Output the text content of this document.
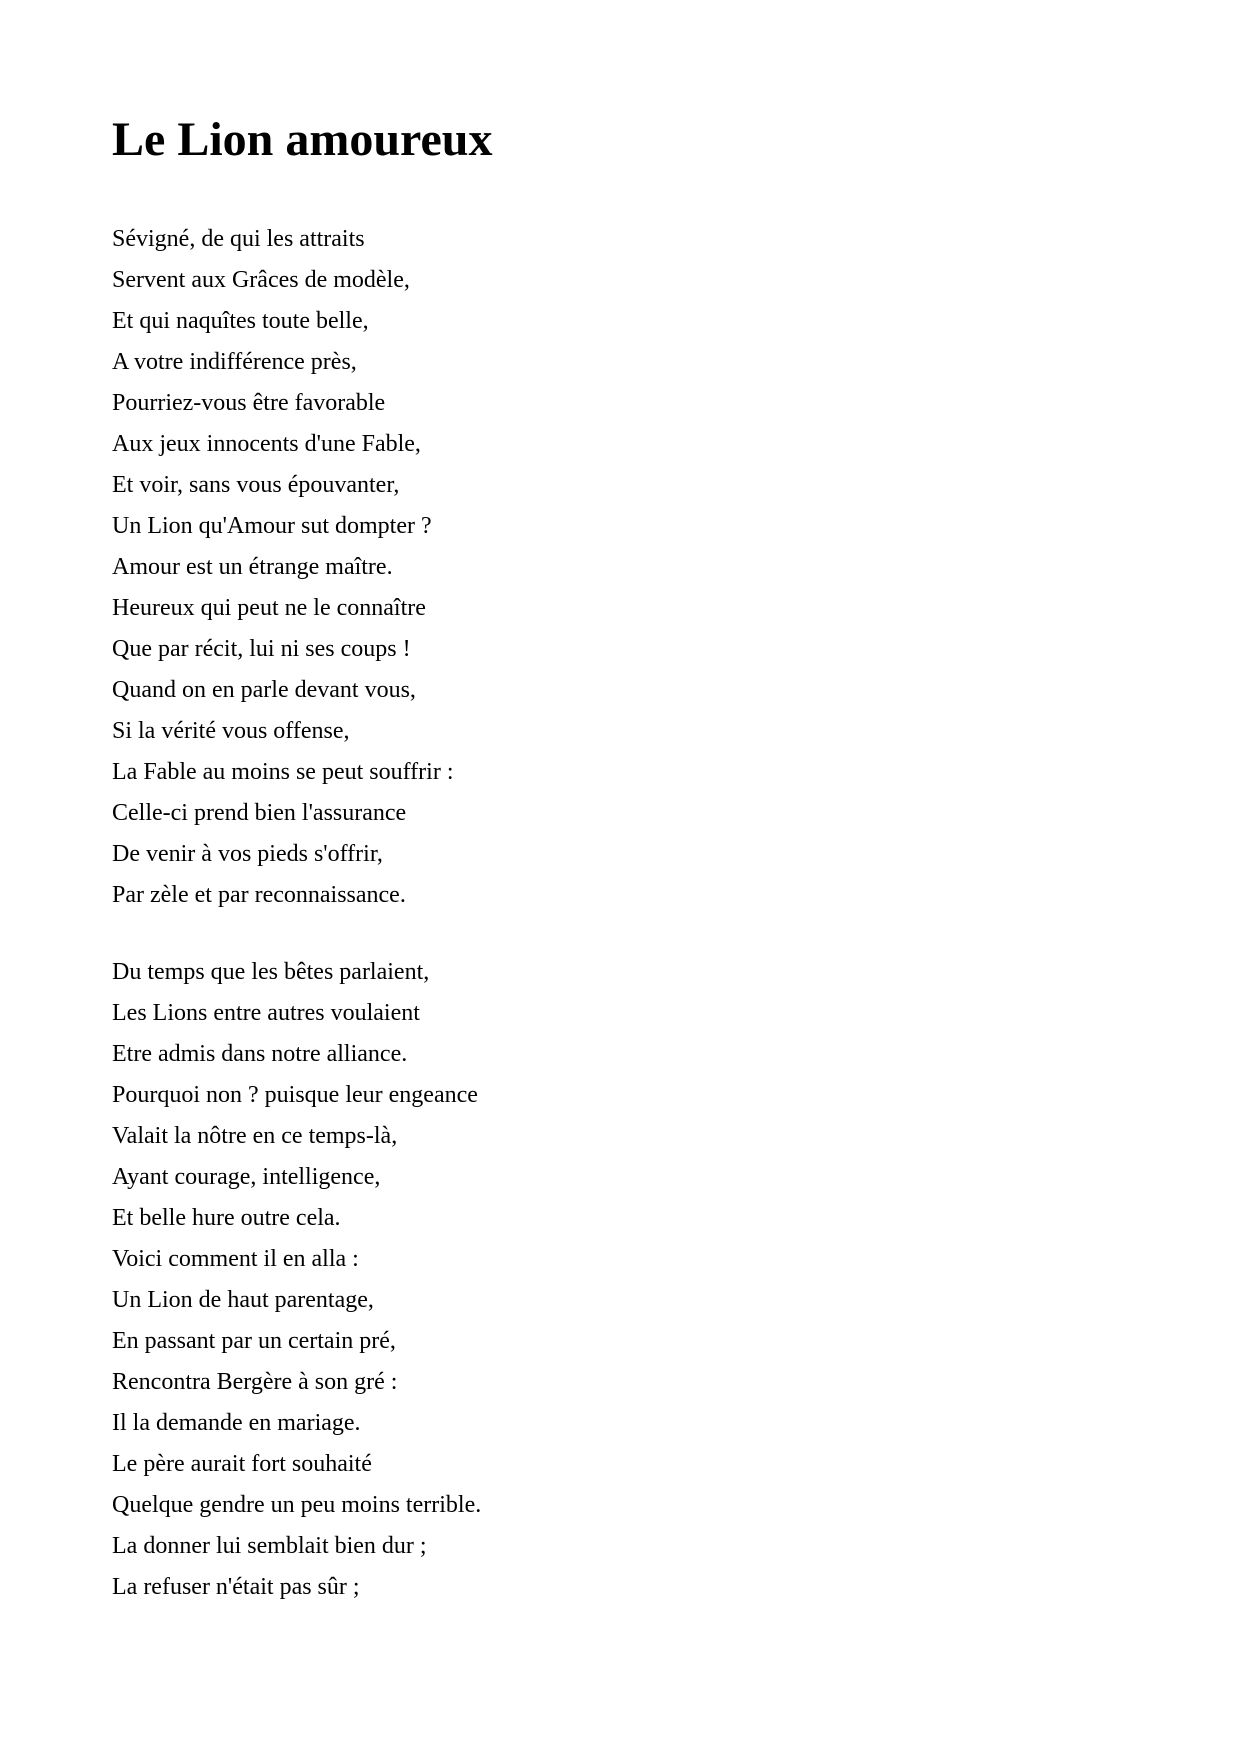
Le Lion amoureux
Sévigné, de qui les attraits
Servent aux Grâces de modèle,
Et qui naquîtes toute belle,
A votre indifférence près,
Pourriez-vous être favorable
Aux jeux innocents d'une Fable,
Et voir, sans vous épouvanter,
Un Lion qu'Amour sut dompter ?
Amour est un étrange maître.
Heureux qui peut ne le connaître
Que par récit, lui ni ses coups !
Quand on en parle devant vous,
Si la vérité vous offense,
La Fable au moins se peut souffrir :
Celle-ci prend bien l'assurance
De venir à vos pieds s'offrir,
Par zèle et par reconnaissance.
Du temps que les bêtes parlaient,
Les Lions entre autres voulaient
Etre admis dans notre alliance.
Pourquoi non ? puisque leur engeance
Valait la nôtre en ce temps-là,
Ayant courage, intelligence,
Et belle hure outre cela.
Voici comment il en alla :
Un Lion de haut parentage,
En passant par un certain pré,
Rencontra Bergère à son gré :
Il la demande en mariage.
Le père aurait fort souhaité
Quelque gendre un peu moins terrible.
La donner lui semblait bien dur ;
La refuser n'était pas sûr ;
